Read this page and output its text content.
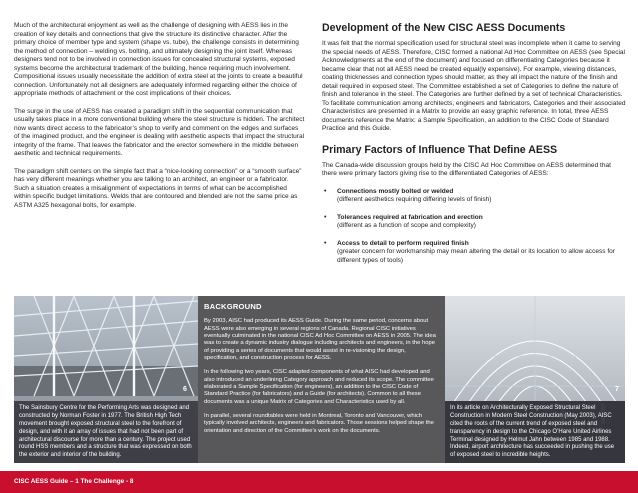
Much of the architectural enjoyment as well as the challenge of designing with AESS lies in the creation of key details and connections that give the structure its distinctive character. After the primary choice of member type and system (shape vs. tube), the challenge consists in determining the method of connection – welding vs. bolting, and ultimately designing the joint itself. Whereas designers tend not to be involved in connection issues for concealed structural systems, exposed systems become the architectural trademark of the building, hence requiring much involvement. Compositional issues usually necessitate the addition of extra steel at the joints to create a beautiful connection. Unfortunately not all designers are adequately informed regarding either the choice of appropriate methods of attachment or the cost implications of their choices.

The surge in the use of AESS has created a paradigm shift in the sequential communication that usually takes place in a more conventional building where the steel structure is hidden. The architect now wants direct access to the fabricator’s shop to verify and comment on the edges and surfaces of the imagined product, and the engineer is dealing with aesthetic aspects that impact the structural integrity of the frame. That leaves the fabricator and the erector somewhere in the middle between aesthetic and technical requirements.

The paradigm shift centers on the simple fact that a “nice-looking connection” or a “smooth surface” has very different meanings whether you are talking to an architect, an engineer or a fabricator. Such a situation creates a misalignment of expectations in terms of what can be accomplished within specific budget limitations. Welds that are contoured and blended are not the same price as ASTM A325 hexagonal bolts, for example.

Development of the New CISC AESS Documents

It was felt that the normal specification used for structural steel was incomplete when it came to serving the special needs of AESS. Therefore, CISC formed a national Ad Hoc Committee on AESS (see Special Acknowledgments at the end of the document) and focused on differentiating Categories because it became clear that not all AESS need be created equal(ly expensive). For example, viewing distances, coating thicknesses and connection types should matter, as they all impact the nature of the finish and detail required in exposed steel. The Committee established a set of Categories to define the nature of finish and tolerance in the steel. The Categories are further defined by a set of technical Characteristics. To facilitate communication among architects, engineers and fabricators, Categories and their associated Characteristics are presented in a Matrix to provide an easy graphic reference. In total, three AESS documents reference the Matrix: a Sample Specification, an addition to the CISC Code of Standard Practice and this Guide.

Primary Factors of Influence That Define AESS

The Canada-wide discussion groups held by the CISC Ad Hoc Committee on AESS determined that there were primary factors giving rise to the differentiated Categories of AESS:

• Connections mostly bolted or welded
(different aesthetics requiring differing levels of finish)
• Tolerances required at fabrication and erection
(different as a function of scope and complexity)
• Access to detail to perform required finish
(greater concern for workmanship may mean altering the detail or its location to allow access for different types of tools)
6
The Sainsbury Centre for the Performing Arts was designed and constructed by Norman Foster in 1977. The British High Tech movement brought exposed structural steel to the forefront of design, and with it an array of issues that had not been part of architectural discourse for more than a century. The project used round HSS members and a structure that was expressed on both the exterior and interior of the building.
BACKGROUND

By 2003, AISC had produced its AESS Guide. During the same period, concerns about AESS were also emerging in several regions of Canada. Regional CISC initiatives eventually culminated in the national CISC Ad Hoc Committee on AESS in 2005. The idea was to create a dynamic industry dialogue including architects and engineers, in the hope of providing a series of documents that would assist in re-visioning the design, specification, and construction process for AESS.

In the following two years, CISC adapted components of what AISC had developed and also introduced an underlining Category approach and reduced its scope. The committee elaborated a Sample Specification (for engineers), an addition to the CISC Code of Standard Practice (for fabricators) and a Guide (for architects). Common to all these documents was a unique Matrix of Categories and Characteristics used by all.

In parallel, several roundtables were held in Montreal, Toronto and Vancouver, which typically involved architects, engineers and fabricators. Those sessions helped shape the orientation and direction of the Committee’s work on the documents.

7
In its article on Architecturally Exposed Structural Steel Construction in Modern Steel Construction (May 2003), AISC cited the roots of the current trend of exposed steel and transparency in design to the Chicago O’Hare United Airlines Terminal designed by Helmut Jahn between 1985 and 1988. Indeed, airport architecture has succeeded in pushing the use of exposed steel to incredible heights.
CISC AESS Guide – 1 The Challenge - 8
